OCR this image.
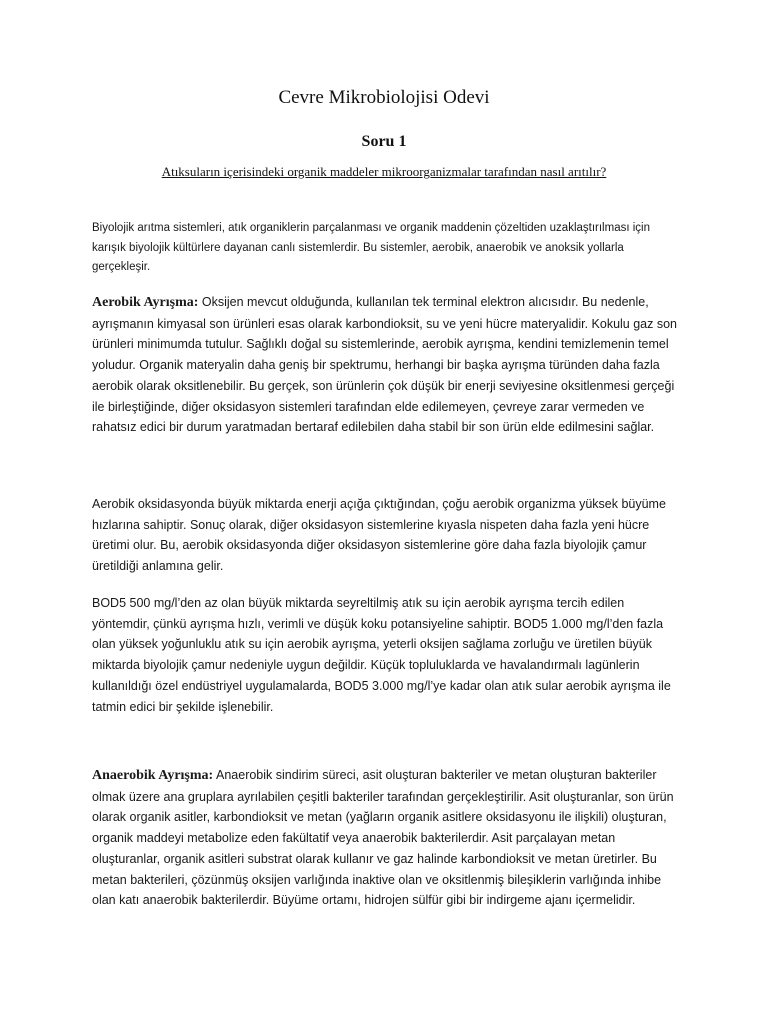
Cevre Mikrobiolojisi Odevi
Soru 1
Atıksuların içerisindeki organik maddeler mikroorganizmalar tarafından nasıl arıtılır?

Biyolojik arıtma sistemleri, atık organiklerin parçalanması ve organik maddenin çözeltiden uzaklaştırılması için karışık biyolojik kültürlere dayanan canlı sistemlerdir. Bu sistemler, aerobik, anaerobik ve anoksik yollarla gerçekleşir.

Aerobik Ayrışma: Oksijen mevcut olduğunda, kullanılan tek terminal elektron alıcısıdır. Bu nedenle, ayrışmanın kimyasal son ürünleri esas olarak karbondioksit, su ve yeni hücre materyalidir. Kokulu gaz son ürünleri minimumda tutulur. Sağlıklı doğal su sistemlerinde, aerobik ayrışma, kendini temizlemenin temel yoludur. Organik materyalin daha geniş bir spektrumu, herhangi bir başka ayrışma türünden daha fazla aerobik olarak oksitlenebilir. Bu gerçek, son ürünlerin çok düşük bir enerji seviyesine oksitlenmesi gerçeği ile birleştiğinde, diğer oksidasyon sistemleri tarafından elde edilemeyen, çevreye zarar vermeden ve rahatsız edici bir durum yaratmadan bertaraf edilebilen daha stabil bir son ürün elde edilmesini sağlar.

Aerobik oksidasyonda büyük miktarda enerji açığa çıktığından, çoğu aerobik organizma yüksek büyüme hızlarına sahiptir. Sonuç olarak, diğer oksidasyon sistemlerine kıyasla nispeten daha fazla yeni hücre üretimi olur. Bu, aerobik oksidasyonda diğer oksidasyon sistemlerine göre daha fazla biyolojik çamur üretildiği anlamına gelir.

BOD5 500 mg/l’den az olan büyük miktarda seyreltilmiş atık su için aerobik ayrışma tercih edilen yöntemdir, çünkü ayrışma hızlı, verimli ve düşük koku potansiyeline sahiptir. BOD5 1.000 mg/l’den fazla olan yüksek yoğunluklu atık su için aerobik ayrışma, yeterli oksijen sağlama zorluğu ve üretilen büyük miktarda biyolojik çamur nedeniyle uygun değildir. Küçük topluluklarda ve havalandırmalı lagünlerin kullanıldığı özel endüstriyel uygulamalarda, BOD5 3.000 mg/l’ye kadar olan atık sular aerobik ayrışma ile tatmin edici bir şekilde işlenebilir.

Anaerobik Ayrışma: Anaerobik sindirim süreci, asit oluşturan bakteriler ve metan oluşturan bakteriler olmak üzere ana gruplara ayrılabilen çeşitli bakteriler tarafından gerçekleştirilir. Asit oluşturanlar, son ürün olarak organik asitler, karbondioksit ve metan (yağların organik asitlere oksidasyonu ile ilişkili) oluşturan, organik maddeyi metabolize eden fakültatif veya anaerobik bakterilerdir. Asit parçalayan metan oluşturanlar, organik asitleri substrat olarak kullanır ve gaz halinde karbondioksit ve metan üretirler. Bu metan bakterileri, çözünmüş oksijen varlığında inaktive olan ve oksitlenmiş bileşiklerin varlığında inhibe olan katı anaerobik bakterilerdir. Büyüme ortamı, hidrojen sülfür gibi bir indirgeme ajanı içermelidir.
